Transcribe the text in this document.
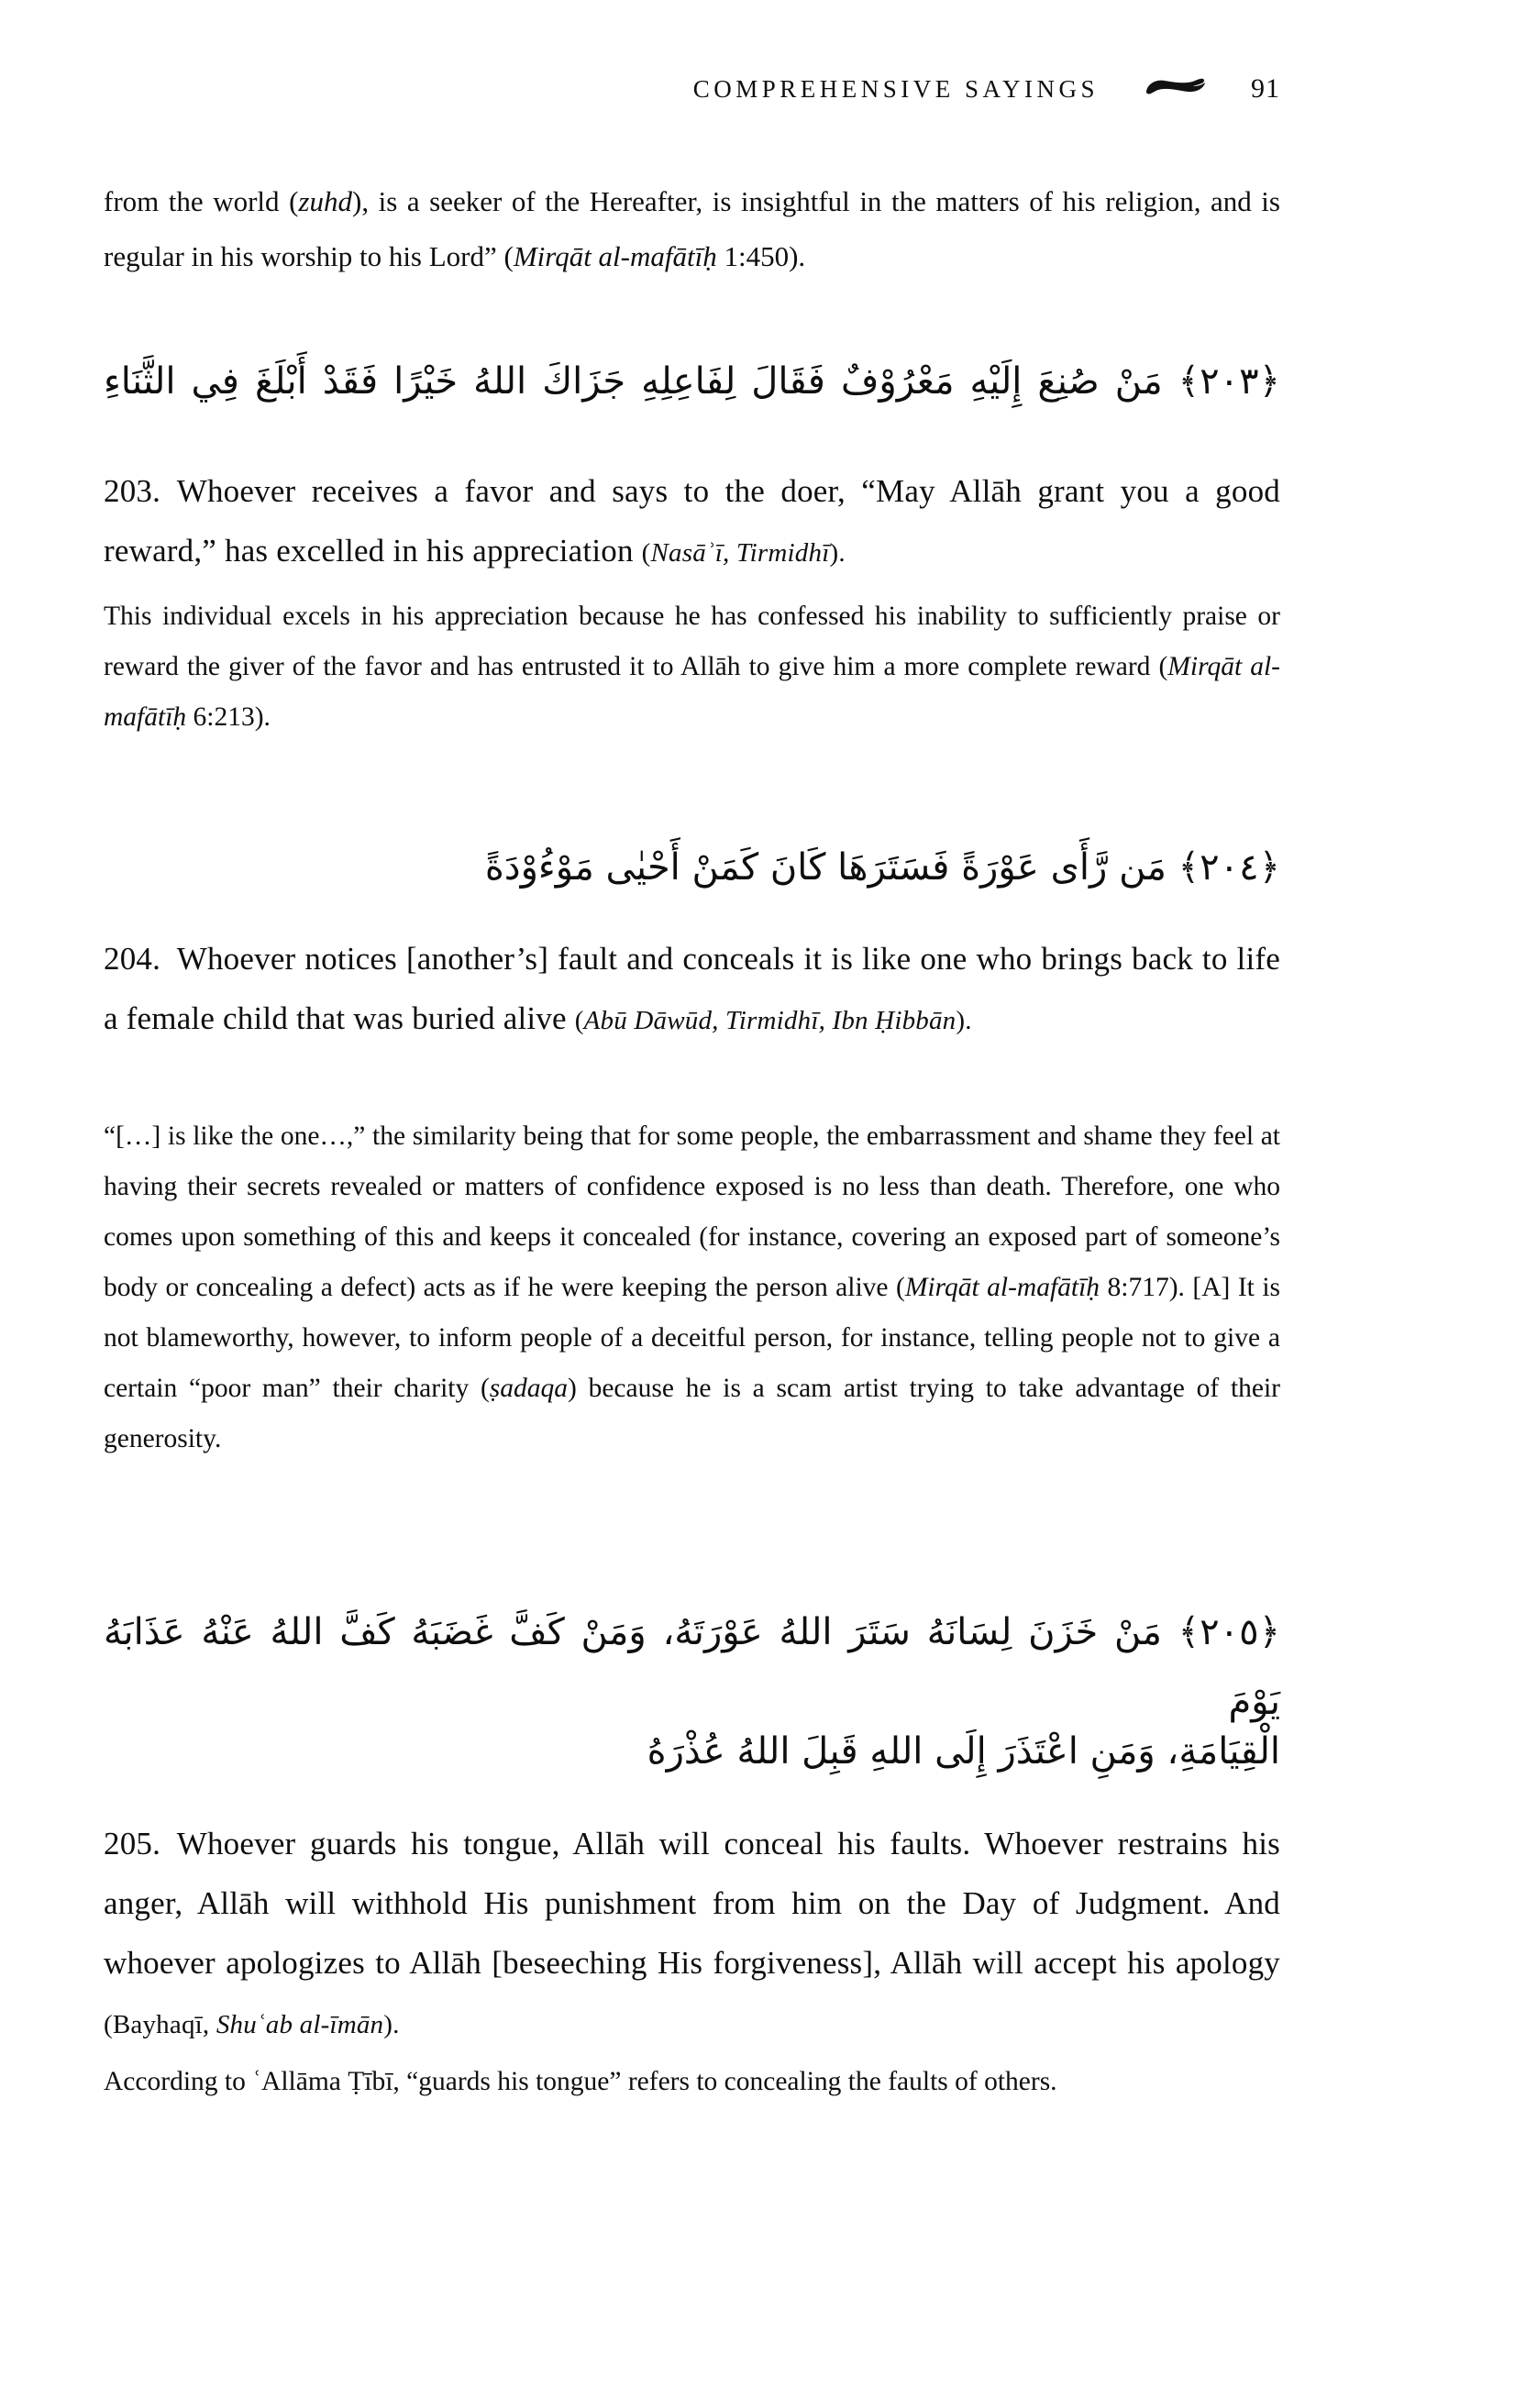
COMPREHENSIVE SAYINGS	91
from the world (zuhd), is a seeker of the Hereafter, is insightful in the matters of his religion, and is regular in his worship to his Lord” (Mirqāt al-mafātīḥ 1:450).
﴿٢٠٣﴾ مَنْ صُنِعَ إِلَيْهِ مَعْرُوْفٌ فَقَالَ لِفَاعِلِهِ جَزَاكَ اللهُ خَيْرًا فَقَدْ أَبْلَغَ فِي الثَّنَاءِ
203. Whoever receives a favor and says to the doer, “May Allāh grant you a good reward,” has excelled in his appreciation (Nasāʾī, Tirmidhī).
This individual excels in his appreciation because he has confessed his inability to sufficiently praise or reward the giver of the favor and has entrusted it to Allāh to give him a more complete reward (Mirqāt al-mafātīḥ 6:213).
﴿٢٠٤﴾ مَن رَّأَى عَوْرَةً فَسَتَرَهَا كَانَ كَمَنْ أَحْيٰى مَوْءُوْدَةً
204. Whoever notices [another’s] fault and conceals it is like one who brings back to life a female child that was buried alive (Abū Dāwūd, Tirmidhī, Ibn Ḥibbān).
“[…] is like the one…,” the similarity being that for some people, the embarrassment and shame they feel at having their secrets revealed or matters of confidence exposed is no less than death. Therefore, one who comes upon something of this and keeps it concealed (for instance, covering an exposed part of someone’s body or concealing a defect) acts as if he were keeping the person alive (Mirqāt al-mafātīḥ 8:717). [A] It is not blameworthy, however, to inform people of a deceitful person, for instance, telling people not to give a certain “poor man” their charity (ṣadaqa) because he is a scam artist trying to take advantage of their generosity.
﴿٢٠٥﴾ مَنْ خَزَنَ لِسَانَهُ سَتَرَ اللهُ عَوْرَتَهُ، وَمَنْ كَفَّ غَضَبَهُ كَفَّ اللهُ عَنْهُ عَذَابَهُ يَوْمَ
الْقِيَامَةِ، وَمَنِ اعْتَذَرَ إِلَى اللهِ قَبِلَ اللهُ عُذْرَهُ
205. Whoever guards his tongue, Allāh will conceal his faults. Whoever restrains his anger, Allāh will withhold His punishment from him on the Day of Judgment. And whoever apologizes to Allāh [beseeching His forgiveness], Allāh will accept his apology (Bayhaqī, Shuʿab al-īmān).
According to ʿAllāma Ṭībī, “guards his tongue” refers to concealing the faults of others.
